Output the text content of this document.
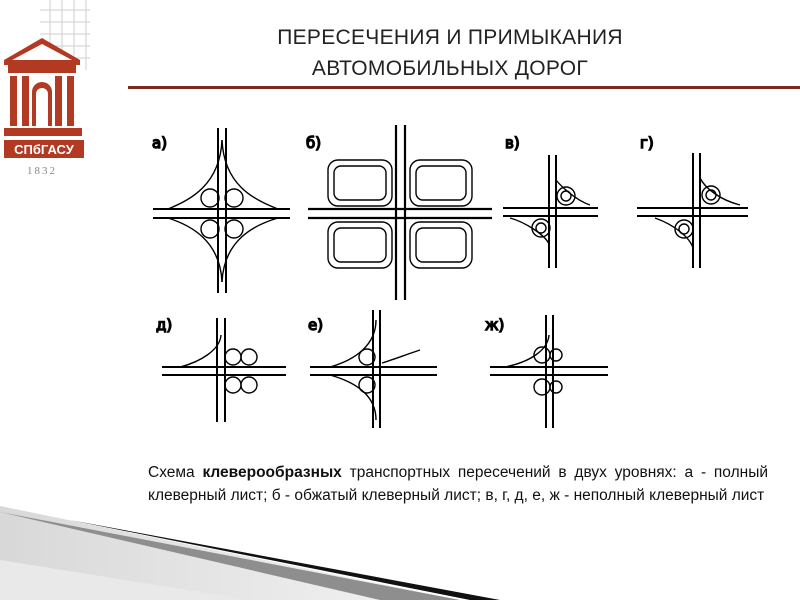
СПбГАСУ
1832
ПЕРЕСЕЧЕНИЯ И ПРИМЫКАНИЯ
АВТОМОБИЛЬНЫХ ДОРОГ
а)	б)	в)	г)
д)	е)	ж)
Схема клеверообразных транспортных пересечений в двух уровнях: а - полный клеверный лист; б - обжатый клеверный лист; в, г, д, е, ж - неполный клеверный лист
